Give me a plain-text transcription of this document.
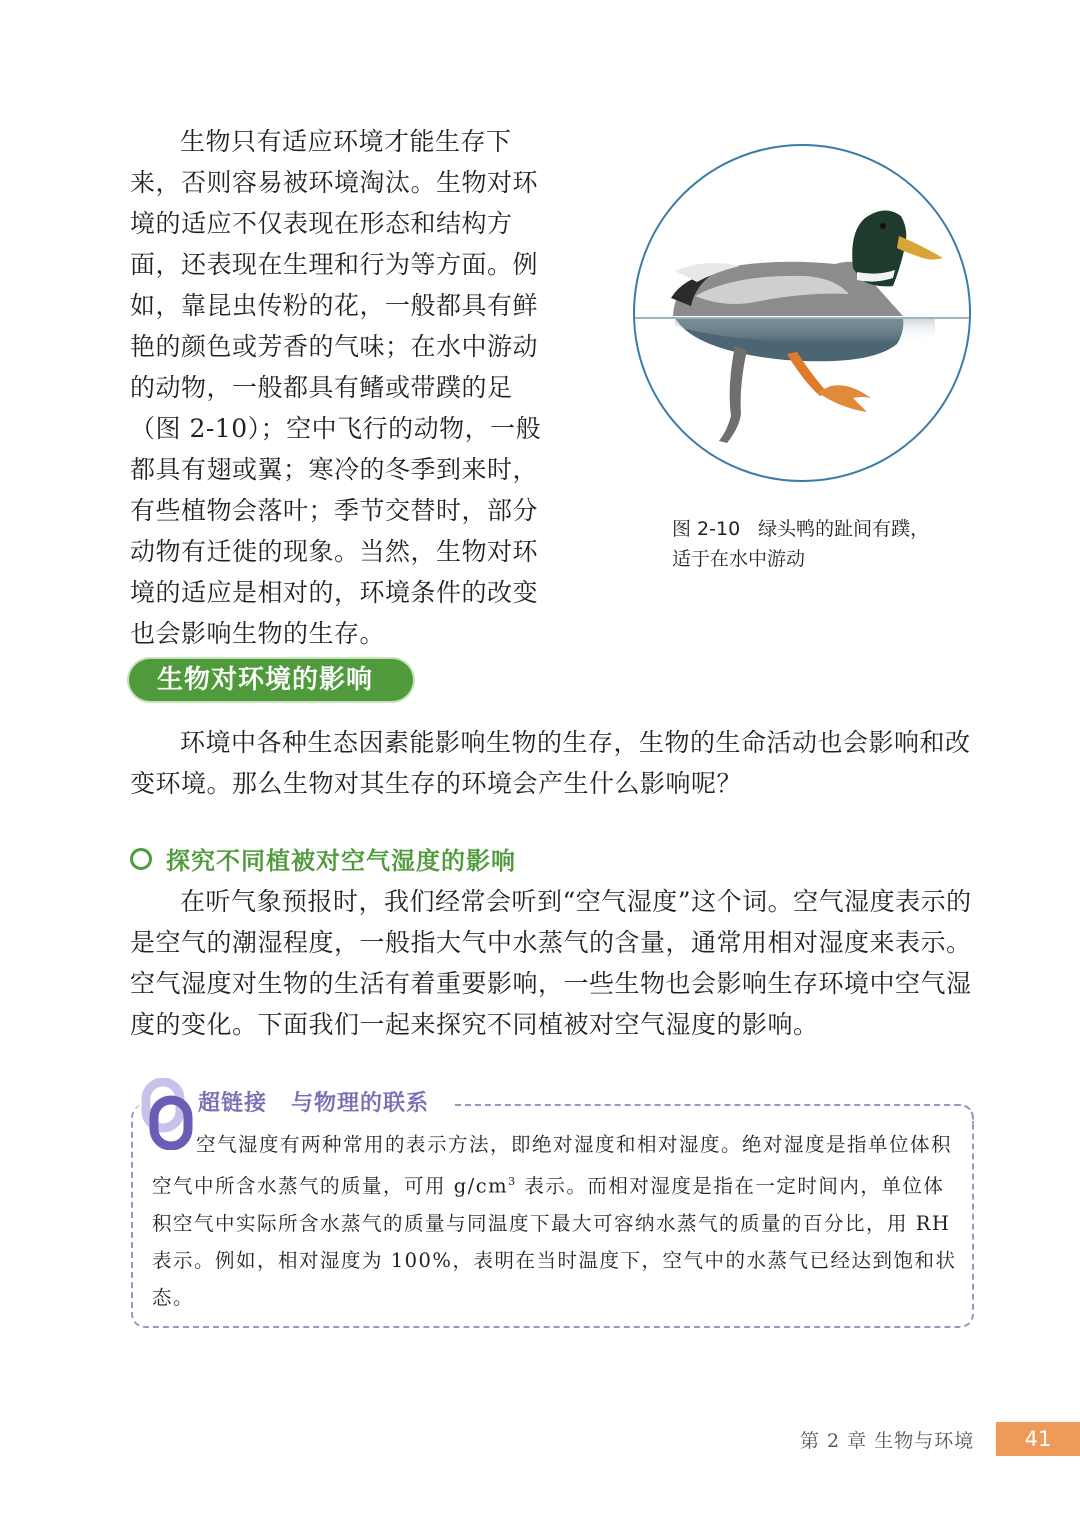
生物只有适应环境才能生存下来，否则容易被环境淘汰。生物对环境的适应不仅表现在形态和结构方面，还表现在生理和行为等方面。例如，靠昆虫传粉的花，一般都具有鲜艳的颜色或芳香的气味；在水中游动的动物，一般都具有鳍或带蹼的足（图 2-10）；空中飞行的动物，一般都具有翅或翼；寒冷的冬季到来时，有些植物会落叶；季节交替时，部分动物有迁徙的现象。当然，生物对环境的适应是相对的，环境条件的改变也会影响生物的生存。

图 2-10 绿头鸭的趾间有蹼，
适于在水中游动
生物对环境的影响

环境中各种生态因素能影响生物的生存，生物的生命活动也会影响和改变环境。那么生物对其生存的环境会产生什么影响呢？

探究不同植被对空气湿度的影响

在听气象预报时，我们经常会听到“空气湿度”这个词。空气湿度表示的是空气的潮湿程度，一般指大气中水蒸气的含量，通常用相对湿度来表示。空气湿度对生物的生活有着重要影响，一些生物也会影响生存环境中空气湿度的变化。下面我们一起来探究不同植被对空气湿度的影响。

超链接 与物理的联系

空气湿度有两种常用的表示方法，即绝对湿度和相对湿度。绝对湿度是指单位体积空气中所含水蒸气的质量，可用 $g/cm^3$ 表示。而相对湿度是指在一定时间内，单位体积空气中实际所含水蒸气的质量与同温度下最大可容纳水蒸气的质量的百分比，用 RH 表示。例如，相对湿度为 100%，表明在当时温度下，空气中的水蒸气已经达到饱和状态。

第 2 章 生物与环境	41
